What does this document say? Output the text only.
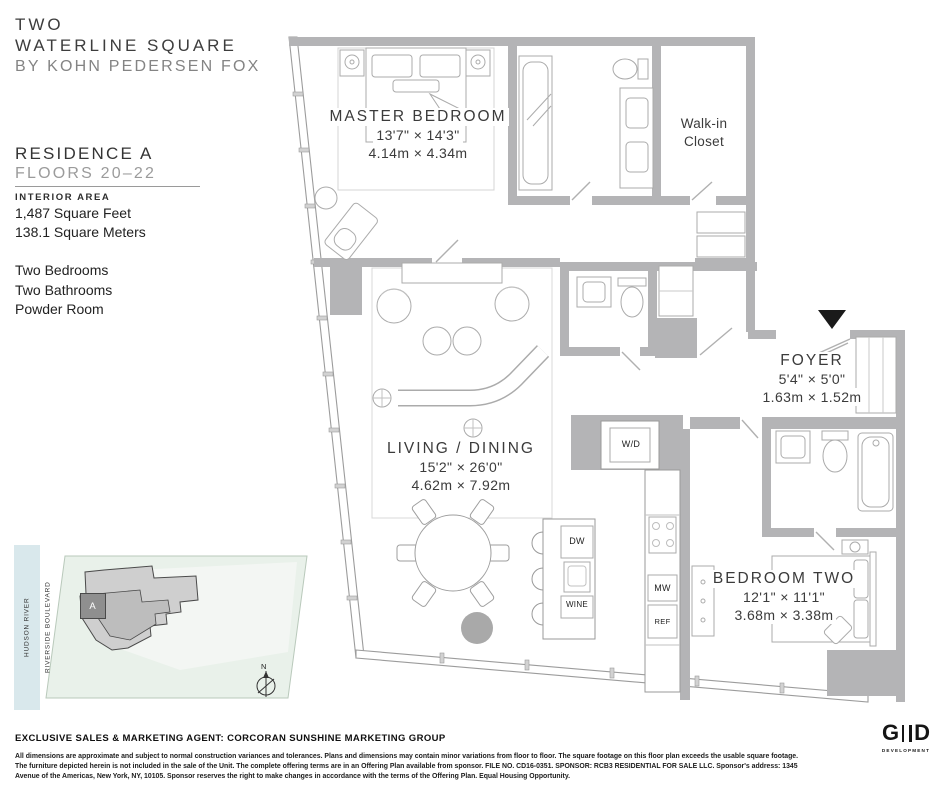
TWO
WATERLINE SQUARE
BY KOHN PEDERSEN FOX
RESIDENCE A
FLOORS 20–22
INTERIOR AREA
1,487 Square Feet
138.1 Square Meters
Two Bedrooms
Two Bathrooms
Powder Room
MASTER BEDROOM
13'7" × 14'3"
4.14m × 4.34m
Walk-in
Closet
FOYER
5'4" × 5'0"
1.63m × 1.52m
LIVING / DINING
15'2" × 26'0"
4.62m × 7.92m
BEDROOM TWO
12'1" × 11'1"
3.68m × 3.38m
W/D
DW
WINE
MW
REF
HUDSON RIVER	RIVERSIDE BOULEVARD	A
N
EXCLUSIVE SALES & MARKETING AGENT: CORCORAN SUNSHINE MARKETING GROUP
All dimensions are approximate and subject to normal construction variances and tolerances. Plans and dimensions may contain minor variations from floor to floor. The square footage on this floor plan exceeds the usable square footage.
The furniture depicted herein is not included in the sale of the Unit. The complete offering terms are in an Offering Plan available from sponsor. FILE NO. CD16-0351. SPONSOR: RCB3 RESIDENTIAL FOR SALE LLC. Sponsor's address: 1345
Avenue of the Americas, New York, NY, 10105. Sponsor reserves the right to make changes in accordance with the terms of the Offering Plan. Equal Housing Opportunity.
G D
DEVELOPMENT
